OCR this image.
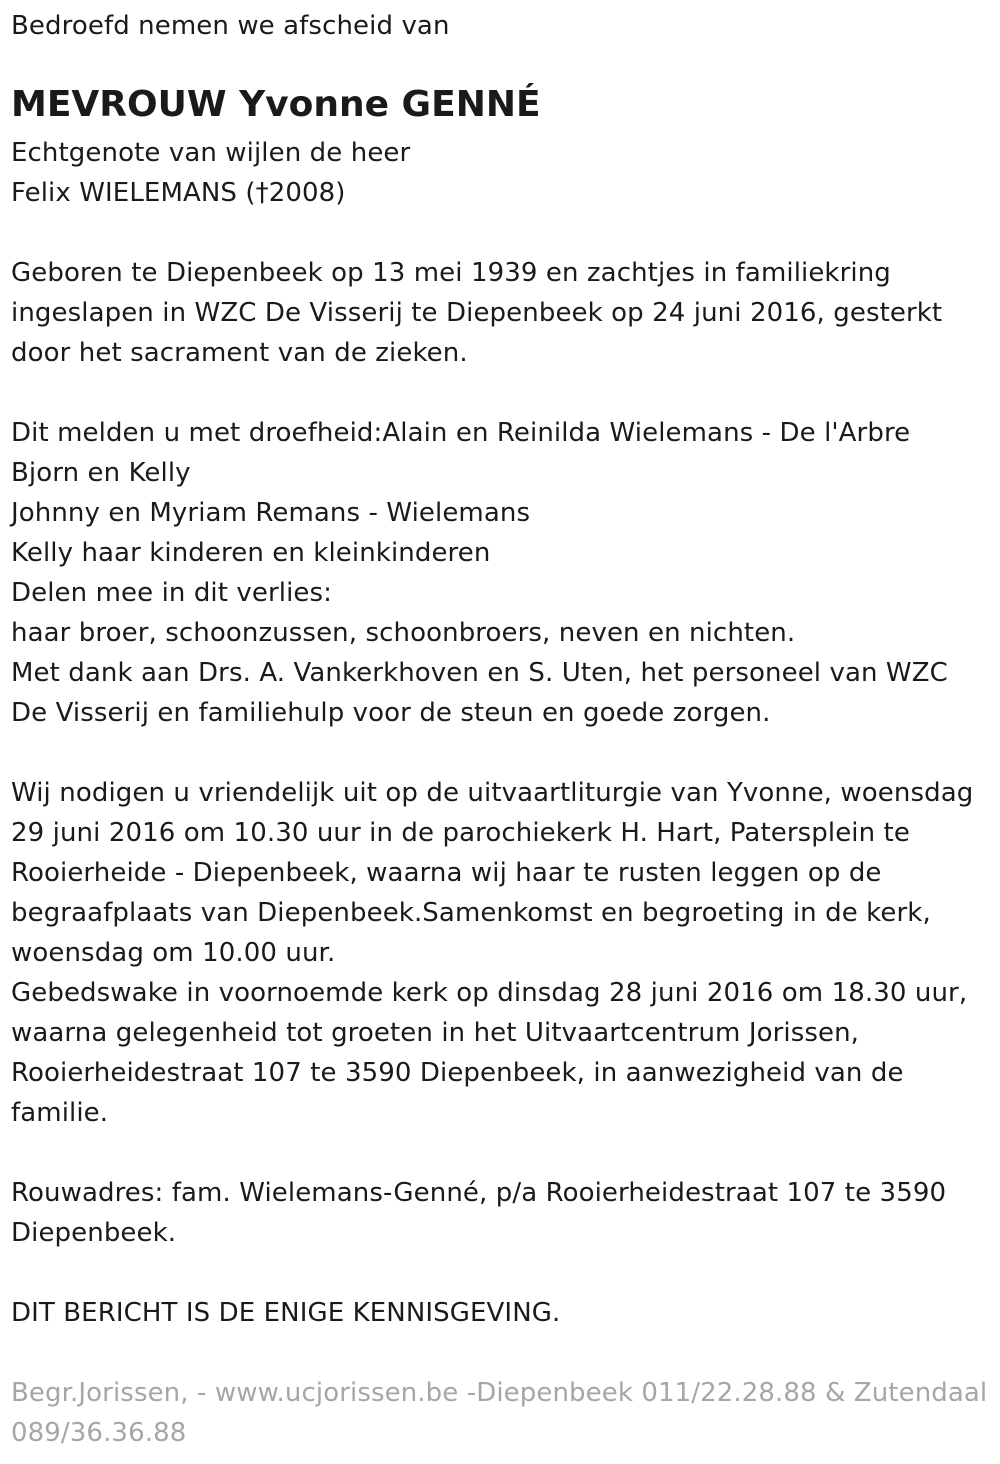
Bedroefd nemen we afscheid van
MEVROUW Yvonne GENNÉ
Echtgenote van wijlen de heer
Felix WIELEMANS (†2008)
Geboren te Diepenbeek op 13 mei 1939 en zachtjes in familiekring
ingeslapen in WZC De Visserij te Diepenbeek op 24 juni 2016, gesterkt
door het sacrament van de zieken.
Dit melden u met droefheid:Alain en Reinilda Wielemans - De l'Arbre
Bjorn en Kelly
Johnny en Myriam Remans - Wielemans
Kelly haar kinderen en kleinkinderen
Delen mee in dit verlies:
haar broer, schoonzussen, schoonbroers, neven en nichten.
Met dank aan Drs. A. Vankerkhoven en S. Uten, het personeel van WZC
De Visserij en familiehulp voor de steun en goede zorgen.
Wij nodigen u vriendelijk uit op de uitvaartliturgie van Yvonne, woensdag
29 juni 2016 om 10.30 uur in de parochiekerk H. Hart, Patersplein te
Rooierheide - Diepenbeek, waarna wij haar te rusten leggen op de
begraafplaats van Diepenbeek.Samenkomst en begroeting in de kerk,
woensdag om 10.00 uur.
Gebedswake in voornoemde kerk op dinsdag 28 juni 2016 om 18.30 uur,
waarna gelegenheid tot groeten in het Uitvaartcentrum Jorissen,
Rooierheidestraat 107 te 3590 Diepenbeek, in aanwezigheid van de
familie.
Rouwadres: fam. Wielemans-Genné, p/a Rooierheidestraat 107 te 3590
Diepenbeek.
DIT BERICHT IS DE ENIGE KENNISGEVING.
Begr.Jorissen, - www.ucjorissen.be -Diepenbeek 011/22.28.88 & Zutendaal
089/36.36.88
